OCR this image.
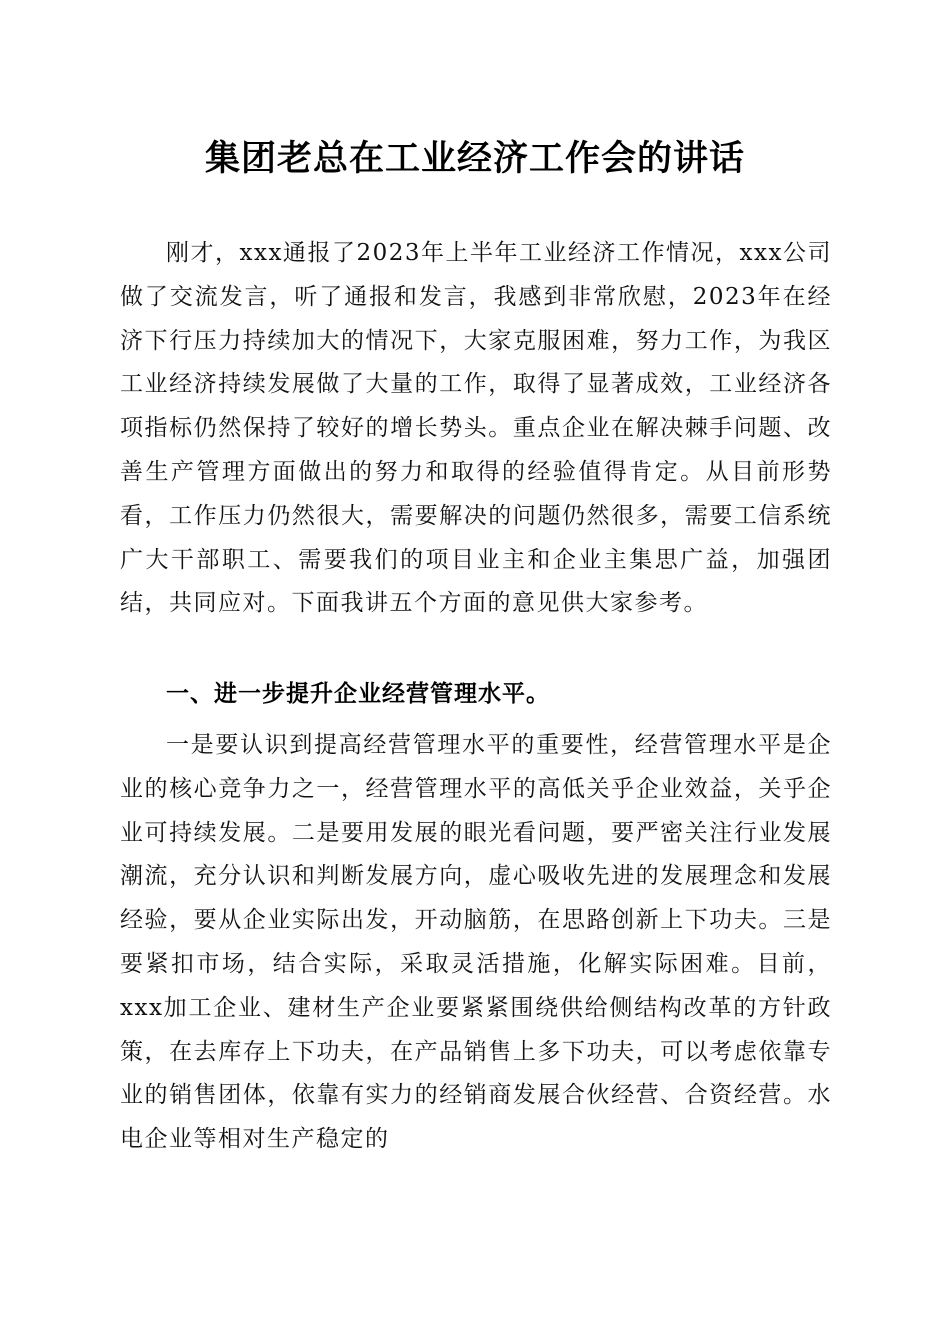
集团老总在工业经济工作会的讲话
刚才，xxx通报了2023年上半年工业经济工作情况，xxx公司做了交流发言，听了通报和发言，我感到非常欣慰，2023年在经济下行压力持续加大的情况下，大家克服困难，努力工作，为我区工业经济持续发展做了大量的工作，取得了显著成效，工业经济各项指标仍然保持了较好的增长势头。重点企业在解决棘手问题、改善生产管理方面做出的努力和取得的经验值得肯定。从目前形势看，工作压力仍然很大，需要解决的问题仍然很多，需要工信系统广大干部职工、需要我们的项目业主和企业主集思广益，加强团结，共同应对。下面我讲五个方面的意见供大家参考。
一、进一步提升企业经营管理水平。
一是要认识到提高经营管理水平的重要性，经营管理水平是企业的核心竞争力之一，经营管理水平的高低关乎企业效益，关乎企业可持续发展。二是要用发展的眼光看问题，要严密关注行业发展潮流，充分认识和判断发展方向，虚心吸收先进的发展理念和发展经验，要从企业实际出发，开动脑筋，在思路创新上下功夫。三是要紧扣市场，结合实际，采取灵活措施，化解实际困难。目前，xxx加工企业、建材生产企业要紧紧围绕供给侧结构改革的方针政策，在去库存上下功夫，在产品销售上多下功夫，可以考虑依靠专业的销售团体，依靠有实力的经销商发展合伙经营、合资经营。水电企业等相对生产稳定的
